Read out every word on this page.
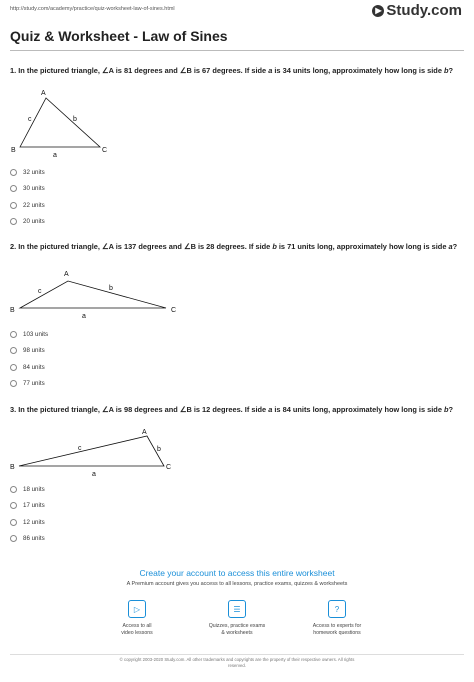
http://study.com/academy/practice/quiz-worksheet-law-of-sines.html	▶ Study.com
Quiz & Worksheet - Law of Sines
1. In the pictured triangle, ∠A is 81 degrees and ∠B is 67 degrees. If side a is 34 units long, approximately how long is side b?
A
B	C
c	b
a
32 units
30 units
22 units
20 units
2. In the pictured triangle, ∠A is 137 degrees and ∠B is 28 degrees. If side b is 71 units long, approximately how long is side a?
A
B	C
c	b
a
103 units
98 units
84 units
77 units
3. In the pictured triangle, ∠A is 98 degrees and ∠B is 12 degrees. If side a is 84 units long, approximately how long is side b?
A
B	C
c	b
a
18 units
17 units
12 units
86 units
Create your account to access this entire worksheet
A Premium account gives you access to all lessons, practice exams, quizzes & worksheets
▷
Access to all
video lessons
☰
Quizzes, practice exams
& worksheets
?
Access to experts for
homework questions
© copyright 2003-2020 Study.com. All other trademarks and copyrights are the property of their respective owners. All rights
reserved.
